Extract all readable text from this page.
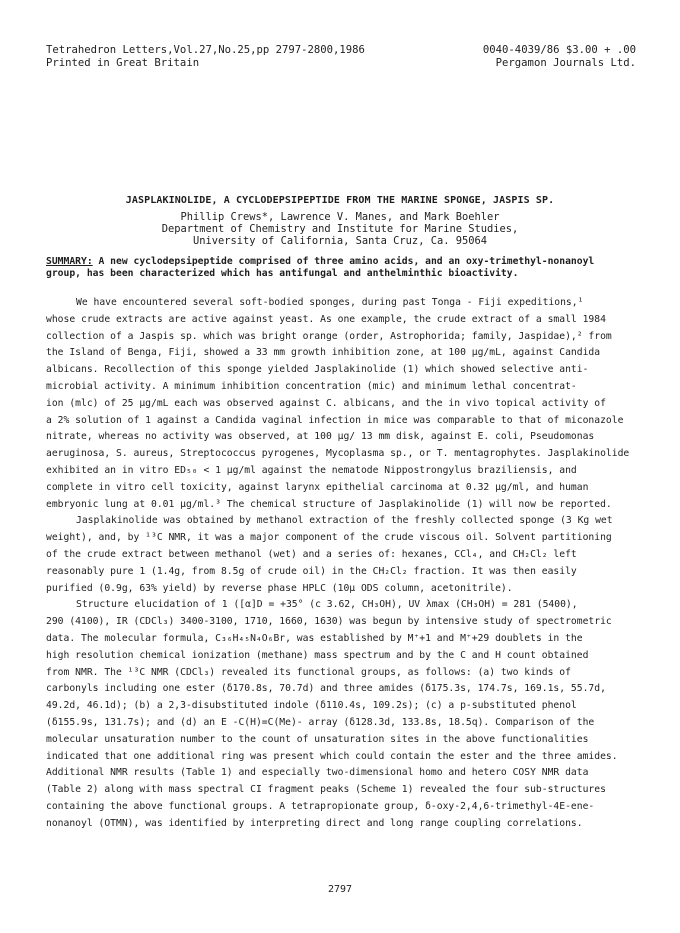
Tetrahedron Letters,Vol.27,No.25,pp 2797-2800,1986	0040-4039/86 $3.00 + .00
Printed in Great Britain	Pergamon Journals Ltd.
JASPLAKINOLIDE, A CYCLODEPSIPEPTIDE FROM THE MARINE SPONGE, JASPIS SP.
Phillip Crews*, Lawrence V. Manes, and Mark Boehler
Department of Chemistry and Institute for Marine Studies,
University of California, Santa Cruz, Ca. 95064
SUMMARY: A new cyclodepsipeptide comprised of three amino acids, and an oxy-trimethyl-nonanoyl
group, has been characterized which has antifungal and anthelminthic bioactivity.
We have encountered several soft-bodied sponges, during past Tonga - Fiji expeditions,¹
whose crude extracts are active against yeast. As one example, the crude extract of a small 1984
collection of a Jaspis sp. which was bright orange (order, Astrophorida; family, Jaspidae),² from
the Island of Benga, Fiji, showed a 33 mm growth inhibition zone, at 100 µg/mL, against Candida
albicans. Recollection of this sponge yielded Jasplakinolide (1) which showed selective anti-
microbial activity. A minimum inhibition concentration (mic) and minimum lethal concentrat-
ion (mlc) of 25 µg/mL each was observed against C. albicans, and the in vivo topical activity of
a 2% solution of 1 against a Candida vaginal infection in mice was comparable to that of miconazole
nitrate, whereas no activity was observed, at 100 µg/ 13 mm disk, against E. coli, Pseudomonas
aeruginosa, S. aureus, Streptococcus pyrogenes, Mycoplasma sp., or T. mentagrophytes. Jasplakinolide
exhibited an in vitro ED₅₀ < 1 µg/ml against the nematode Nippostrongylus braziliensis, and
complete in vitro cell toxicity, against larynx epithelial carcinoma at 0.32 µg/ml, and human
embryonic lung at 0.01 µg/ml.³ The chemical structure of Jasplakinolide (1) will now be reported.
Jasplakinolide was obtained by methanol extraction of the freshly collected sponge (3 Kg wet
weight), and, by ¹³C NMR, it was a major component of the crude viscous oil. Solvent partitioning
of the crude extract between methanol (wet) and a series of: hexanes, CCl₄, and CH₂Cl₂ left
reasonably pure 1 (1.4g, from 8.5g of crude oil) in the CH₂Cl₂ fraction. It was then easily
purified (0.9g, 63% yield) by reverse phase HPLC (10µ ODS column, acetonitrile).
Structure elucidation of 1 ([α]D = +35° (c 3.62, CH₃OH), UV λmax (CH₃OH) = 281 (5400),
290 (4100), IR (CDCl₃) 3400-3100, 1710, 1660, 1630) was begun by intensive study of spectrometric
data. The molecular formula, C₃₆H₄₅N₄O₆Br, was established by M⁺+1 and M⁺+29 doublets in the
high resolution chemical ionization (methane) mass spectrum and by the C and H count obtained
from NMR. The ¹³C NMR (CDCl₃) revealed its functional groups, as follows: (a) two kinds of
carbonyls including one ester (δ170.8s, 70.7d) and three amides (δ175.3s, 174.7s, 169.1s, 55.7d,
49.2d, 46.1d); (b) a 2,3-disubstituted indole (δ110.4s, 109.2s); (c) a p-substituted phenol
(δ155.9s, 131.7s); and (d) an E -C(H)=C(Me)- array (δ128.3d, 133.8s, 18.5q). Comparison of the
molecular unsaturation number to the count of unsaturation sites in the above functionalities
indicated that one additional ring was present which could contain the ester and the three amides.
Additional NMR results (Table 1) and especially two-dimensional homo and hetero COSY NMR data
(Table 2) along with mass spectral CI fragment peaks (Scheme 1) revealed the four sub-structures
containing the above functional groups. A tetrapropionate group, δ-oxy-2,4,6-trimethyl-4E-ene-
nonanoyl (OTMN), was identified by interpreting direct and long range coupling correlations.
2797
